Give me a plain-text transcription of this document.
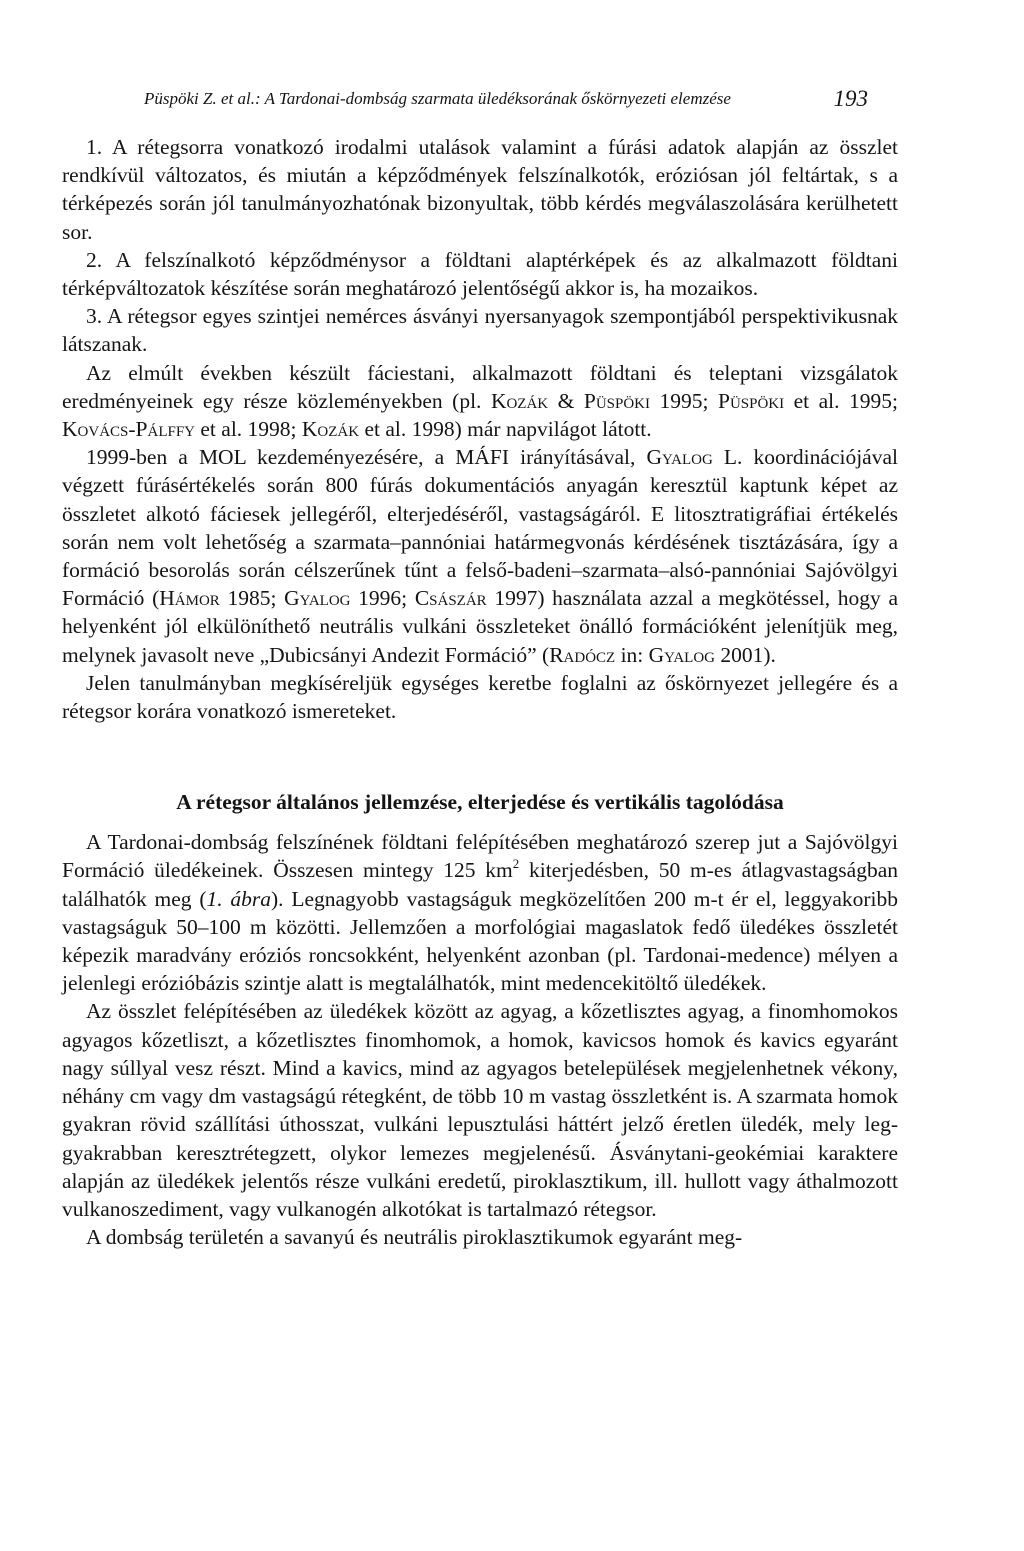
Püspöki Z. et al.: A Tardonai-dombság szarmata üledéksorának őskörnyezeti elemzése	193

1. A rétegsorra vonatkozó irodalmi utalások valamint a fúrási adatok alapján az összlet rendkívül változatos, és miután a képződmények felszínalkotók, eróziósan jól feltártak, s a térképezés során jól tanulmányozhatónak bizonyultak, több kérdés megválaszolására kerülhetett sor.

2. A felszínalkotó képződménysor a földtani alaptérképek és az alkalmazott földtani térképváltozatok készítése során meghatározó jelentőségű akkor is, ha mozaikos.

3. A rétegsor egyes szintjei nemérces ásványi nyersanyagok szempontjából perspektivikusnak látszanak.

Az elmúlt években készült fáciestani, alkalmazott földtani és teleptani vizsgálatok eredményeinek egy része közleményekben (pl. Kozák & Püspöki 1995; Püspöki et al. 1995; Kovács-Pálffy et al. 1998; Kozák et al. 1998) már napvilágot látott.

1999-ben a MOL kezdeményezésére, a MÁFI irányításával, Gyalog L. koordinációjával végzett fúrásértékelés során 800 fúrás dokumentációs anyagán keresztül kaptunk képet az összletet alkotó fáciesek jellegéről, elterjedéséről, vastagságáról. E litosztratigráfiai értékelés során nem volt lehetőség a szarmata–pannóniai határmegvonás kérdésének tisztázására, így a formáció besorolás során célszerűnek tűnt a felső-badeni–szarmata–alsó-pannóniai Sajóvölgyi Formáció (Hámor 1985; Gyalog 1996; Császár 1997) használata azzal a megkötéssel, hogy a helyenként jól elkülöníthető neutrális vulkáni összleteket önálló formációként jelenítjük meg, melynek javasolt neve „Dubicsányi Andezit Formáció” (Radócz in: Gyalog 2001).

Jelen tanulmányban megkíséreljük egységes keretbe foglalni az őskörnyezet jellegére és a rétegsor korára vonatkozó ismereteket.

A rétegsor általános jellemzése, elterjedése és vertikális tagolódása

A Tardonai-dombság felszínének földtani felépítésében meghatározó szerep jut a Sajóvölgyi Formáció üledékeinek. Összesen mintegy 125 $km^2$ kiterjedésben, 50 m-es átlagvastagságban találhatók meg (1. ábra). Legnagyobb vastagságuk megközelítően 200 m-t ér el, leggyakoribb vastagságuk 50–100 m közötti. Jellemzően a morfológiai magaslatok fedő üledékes összletét képezik maradvány eróziós roncsokként, helyenként azonban (pl. Tardonai-medence) mélyen a jelenlegi erózióbázis szintje alatt is megtalálhatók, mint medencekitöltő üledékek.

Az összlet felépítésében az üledékek között az agyag, a kőzetlisztes agyag, a finomhomokos agyagos kőzetliszt, a kőzetlisztes finomhomok, a homok, kavicsos homok és kavics egyaránt nagy súllyal vesz részt. Mind a kavics, mind az agyagos betelepülések megjelenhetnek vékony, néhány cm vagy dm vastagságú rétegként, de több 10 m vastag összletként is. A szarmata homok gyakran rövid szállítási úthosszat, vulkáni lepusztulási háttért jelző éretlen üledék, mely leggyakrabban keresztrétegzett, olykor lemezes megjelenésű. Ásványtani-geokémiai karaktere alapján az üledékek jelentős része vulkáni eredetű, piroklasztikum, ill. hullott vagy áthalmozott vulkanoszediment, vagy vulkanogén alkotókat is tartalmazó rétegsor.

A dombság területén a savanyú és neutrális piroklasztikumok egyaránt meg-
